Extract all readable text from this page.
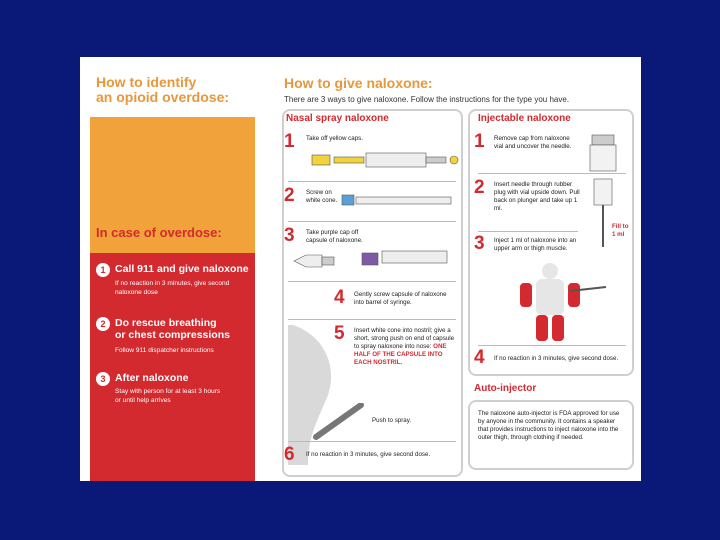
How to identify
an opioid overdose:
•
•
•
•
In case of overdose:
1 Call 911 and give naloxone
If no reaction in 3 minutes, give second naloxone dose
2 Do rescue breathing
or chest compressions
Follow 911 dispatcher instructions
3 After naloxone
Stay with person for at least 3 hours or until help arrives
How to give naloxone:
There are 3 ways to give naloxone. Follow the instructions for the type you have.
Nasal spray naloxone
1 Take off yellow caps.
2 Screw on white cone.
3 Take purple cap off capsule of naloxone.
4 Gently screw capsule of naloxone into barrel of syringe.
5 Insert white cone into nostril; give a short, strong push on end of capsule to spray naloxone into nose: ONE HALF OF THE CAPSULE INTO EACH NOSTRIL.
Push to spray.
6 If no reaction in 3 minutes, give second dose.
Injectable naloxone
1 Remove cap from naloxone vial and uncover the needle.
2 Insert needle through rubber plug with vial upside down. Pull back on plunger and take up 1 ml.
Fill to
1 ml
3 Inject 1 ml of naloxone into an upper arm or thigh muscle.
4 If no reaction in 3 minutes, give second dose.
Auto-injector
The naloxone auto-injector is FDA approved for use by anyone in the community. It contains a speaker that provides instructions to inject naloxone into the outer thigh, through clothing if needed.
